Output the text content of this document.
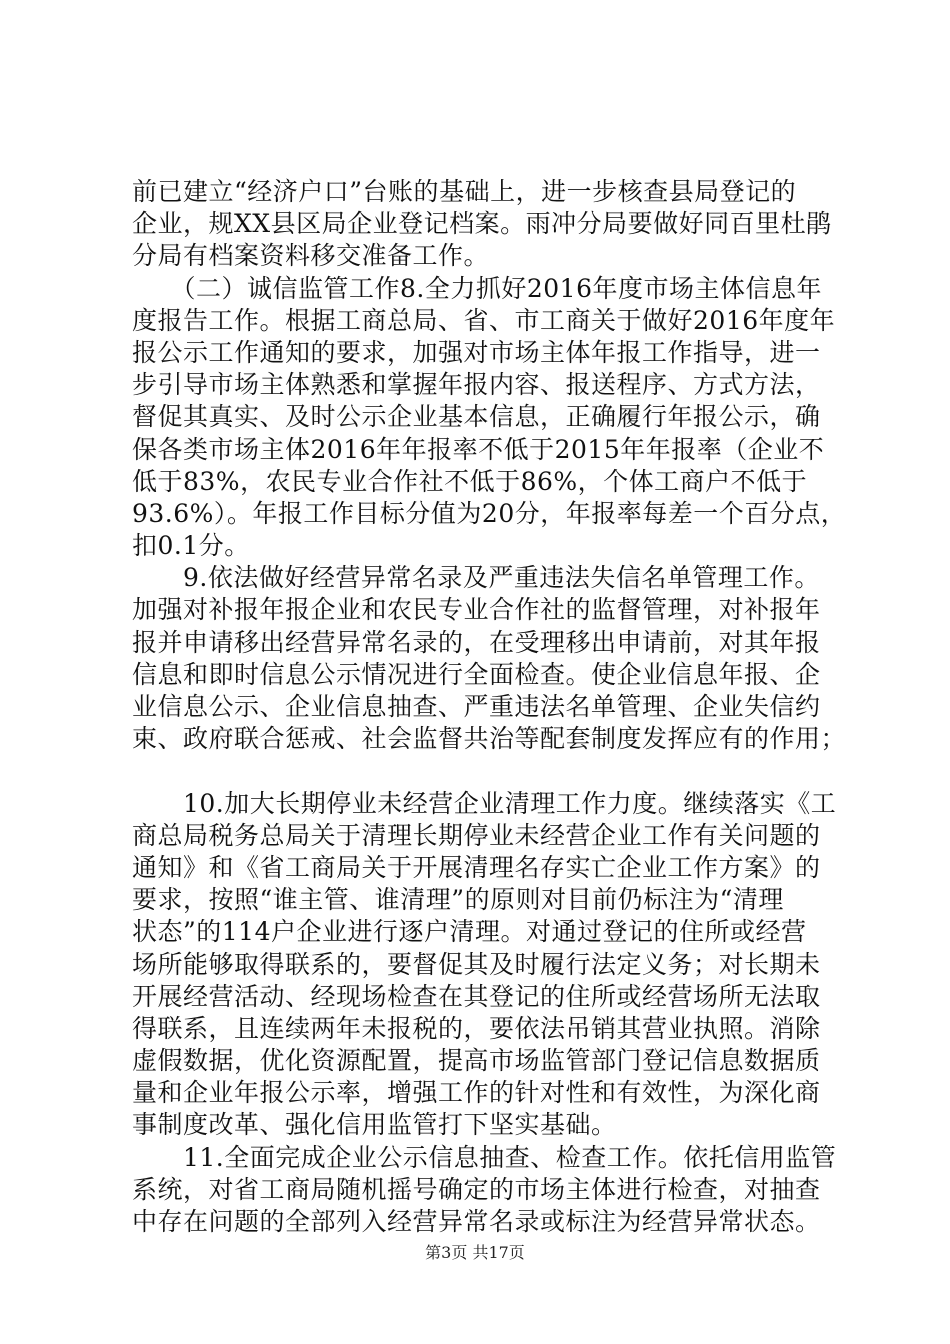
前已建立“经济户口”台账的基础上，进一步核查县局登记的
企业，规XX县区局企业登记档案。雨冲分局要做好同百里杜鹃
分局有档案资料移交准备工作。
　　（二）诚信监管工作8.全力抓好2016年度市场主体信息年
度报告工作。根据工商总局、省、市工商关于做好2016年度年
报公示工作通知的要求，加强对市场主体年报工作指导，进一
步引导市场主体熟悉和掌握年报内容、报送程序、方式方法，
督促其真实、及时公示企业基本信息，正确履行年报公示，确
保各类市场主体2016年年报率不低于2015年年报率（企业不
低于83%，农民专业合作社不低于86%，个体工商户不低于
93.6%）。年报工作目标分值为20分，年报率每差一个百分点，
扣0.1分。
　　9.依法做好经营异常名录及严重违法失信名单管理工作。
加强对补报年报企业和农民专业合作社的监督管理，对补报年
报并申请移出经营异常名录的，在受理移出申请前，对其年报
信息和即时信息公示情况进行全面检查。使企业信息年报、企
业信息公示、企业信息抽查、严重违法名单管理、企业失信约
束、政府联合惩戒、社会监督共治等配套制度发挥应有的作用；
　　10.加大长期停业未经营企业清理工作力度。继续落实《工
商总局税务总局关于清理长期停业未经营企业工作有关问题的
通知》和《省工商局关于开展清理名存实亡企业工作方案》的
要求，按照“谁主管、谁清理”的原则对目前仍标注为“清理
状态”的114户企业进行逐户清理。对通过登记的住所或经营
场所能够取得联系的，要督促其及时履行法定义务；对长期未
开展经营活动、经现场检查在其登记的住所或经营场所无法取
得联系，且连续两年未报税的，要依法吊销其营业执照。消除
虚假数据，优化资源配置，提高市场监管部门登记信息数据质
量和企业年报公示率，增强工作的针对性和有效性，为深化商
事制度改革、强化信用监管打下坚实基础。
　　11.全面完成企业公示信息抽查、检查工作。依托信用监管
系统，对省工商局随机摇号确定的市场主体进行检查，对抽查
中存在问题的全部列入经营异常名录或标注为经营异常状态。
第3页 共17页
